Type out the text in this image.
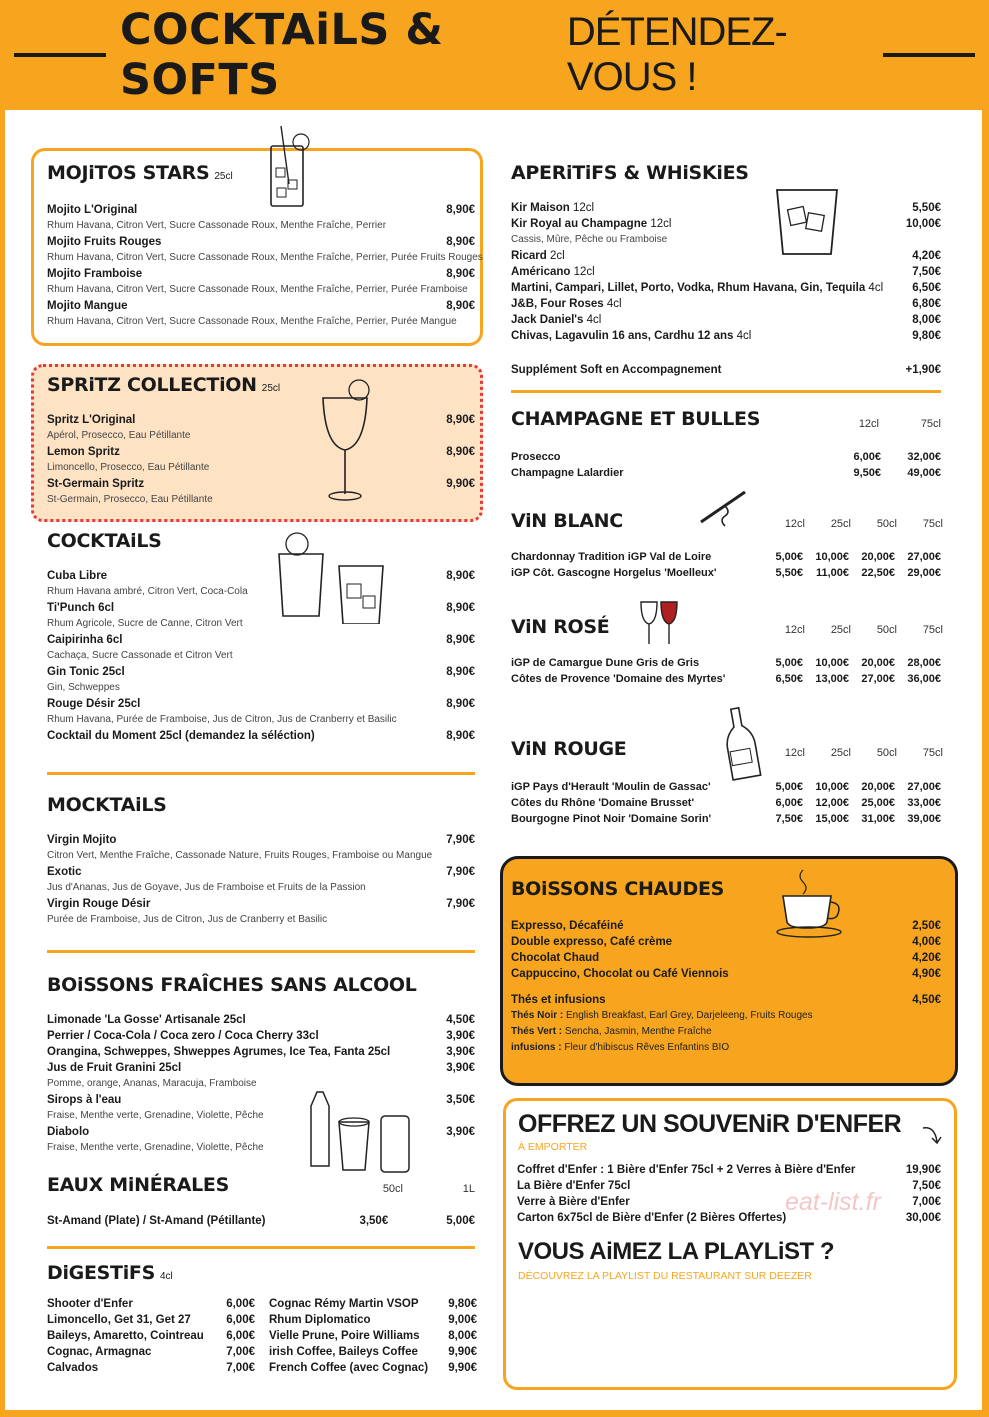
COCKTAiLS & SOFTS
DÉTENDEZ-VOUS !
MOJiTOS STARS 25cl
Mojito L'Original	8,90€
Rhum Havana, Citron Vert, Sucre Cassonade Roux, Menthe Fraîche, Perrier
Mojito Fruits Rouges	8,90€
Rhum Havana, Citron Vert, Sucre Cassonade Roux, Menthe Fraîche, Perrier, Purée Fruits Rouges
Mojito Framboise	8,90€
Rhum Havana, Citron Vert, Sucre Cassonade Roux, Menthe Fraîche, Perrier, Purée Framboise
Mojito Mangue	8,90€
Rhum Havana, Citron Vert, Sucre Cassonade Roux, Menthe Fraîche, Perrier, Purée Mangue
SPRiTZ COLLECTiON 25cl
Spritz L'Original	8,90€
Apérol, Prosecco, Eau Pétillante
Lemon Spritz	8,90€
Limoncello, Prosecco, Eau Pétillante
St-Germain Spritz	9,90€
St-Germain, Prosecco, Eau Pétillante
COCKTAiLS
Cuba Libre	8,90€
Rhum Havana ambré, Citron Vert, Coca-Cola
Ti'Punch 6cl	8,90€
Rhum Agricole, Sucre de Canne, Citron Vert
Caipirinha 6cl	8,90€
Cachaça, Sucre Cassonade et Citron Vert
Gin Tonic 25cl	8,90€
Gin, Schweppes
Rouge Désir 25cl	8,90€
Rhum Havana, Purée de Framboise, Jus de Citron, Jus de Cranberry et Basilic
Cocktail du Moment 25cl (demandez la séléction)	8,90€
MOCKTAiLS
Virgin Mojito	7,90€
Citron Vert, Menthe Fraîche, Cassonade Nature, Fruits Rouges, Framboise ou Mangue
Exotic	7,90€
Jus d'Ananas, Jus de Goyave, Jus de Framboise et Fruits de la Passion
Virgin Rouge Désir	7,90€
Purée de Framboise, Jus de Citron, Jus de Cranberry et Basilic
BOiSSONS FRAÎCHES SANS ALCOOL
Limonade 'La Gosse' Artisanale 25cl	4,50€
Perrier / Coca-Cola / Coca zero / Coca Cherry 33cl	3,90€
Orangina, Schweppes, Shweppes Agrumes, Ice Tea, Fanta 25cl	3,90€
Jus de Fruit Granini 25cl	3,90€
Pomme, orange, Ananas, Maracuja, Framboise
Sirops à l'eau	3,50€
Fraise, Menthe verte, Grenadine, Violette, Pêche
Diabolo	3,90€
Fraise, Menthe verte, Grenadine, Violette, Pêche
EAUX MiNÉRALES	50cl	1L
St-Amand (Plate) / St-Amand (Pétillante)	3,50€	5,00€
DiGESTiFS 4cl
Shooter d'Enfer	6,00€
Limoncello, Get 31, Get 27	6,00€
Baileys, Amaretto, Cointreau 6,00€
Cognac, Armagnac	7,00€
Calvados	7,00€
Cognac Rémy Martin VSOP	9,80€
Rhum Diplomatico	9,00€
Vielle Prune, Poire Williams 8,00€
irish Coffee, Baileys Coffee	9,90€
French Coffee (avec Cognac) 9,90€
APERiTiFS & WHiSKiES
Kir Maison 12cl	5,50€
Kir Royal au Champagne 12cl	10,00€
Cassis, Mûre, Pêche ou Framboise
Ricard 2cl	4,20€
Américano 12cl	7,50€
Martini, Campari, Lillet, Porto, Vodka, Rhum Havana, Gin, Tequila 4cl	6,50€
J&B, Four Roses 4cl	6,80€
Jack Daniel's 4cl	8,00€
Chivas, Lagavulin 16 ans, Cardhu 12 ans 4cl	9,80€
Supplément Soft en Accompagnement	+1,90€
CHAMPAGNE ET BULLES	12cl	75cl
Prosecco	6,00€	32,00€
Champagne Lalardier	9,50€	49,00€
ViN BLANC	12cl	25cl	50cl	75cl
Chardonnay Tradition iGP Val de Loire	5,00€	10,00€	20,00€	27,00€
iGP Côt. Gascogne Horgelus 'Moelleux'	5,50€	11,00€	22,50€	29,00€
ViN ROSÉ	12cl	25cl	50cl	75cl
iGP de Camargue Dune Gris de Gris	5,00€	10,00€	20,00€	28,00€
Côtes de Provence 'Domaine des Myrtes'	6,50€	13,00€	27,00€	36,00€
ViN ROUGE	12cl	25cl	50cl	75cl
iGP Pays d'Herault 'Moulin de Gassac'	5,00€	10,00€	20,00€	27,00€
Côtes du Rhône 'Domaine Brusset'	6,00€	12,00€	25,00€	33,00€
Bourgogne Pinot Noir 'Domaine Sorin'	7,50€	15,00€	31,00€	39,00€
BOiSSONS CHAUDES
Expresso, Décaféiné	2,50€
Double expresso, Café crème	4,00€
Chocolat Chaud	4,20€
Cappuccino, Chocolat ou Café Viennois	4,90€
Thés et infusions	4,50€
Thés Noir : English Breakfast, Earl Grey, Darjeleeng, Fruits Rouges
Thés Vert : Sencha, Jasmin, Menthe Fraîche
infusions : Fleur d'hibiscus Rêves Enfantins BIO
OFFREZ UN SOUVENiR D'ENFER
À EMPORTER
Coffret d'Enfer : 1 Bière d'Enfer 75cl + 2 Verres à Bière d'Enfer	19,90€
La Bière d'Enfer 75cl	7,50€
Verre à Bière d'Enfer	7,00€
Carton 6x75cl de Bière d'Enfer (2 Bières Offertes)	30,00€
eat-list.fr
VOUS AiMEZ LA PLAYLiST ?
DÉCOUVREZ LA PLAYLIST DU RESTAURANT SUR DEEZER
